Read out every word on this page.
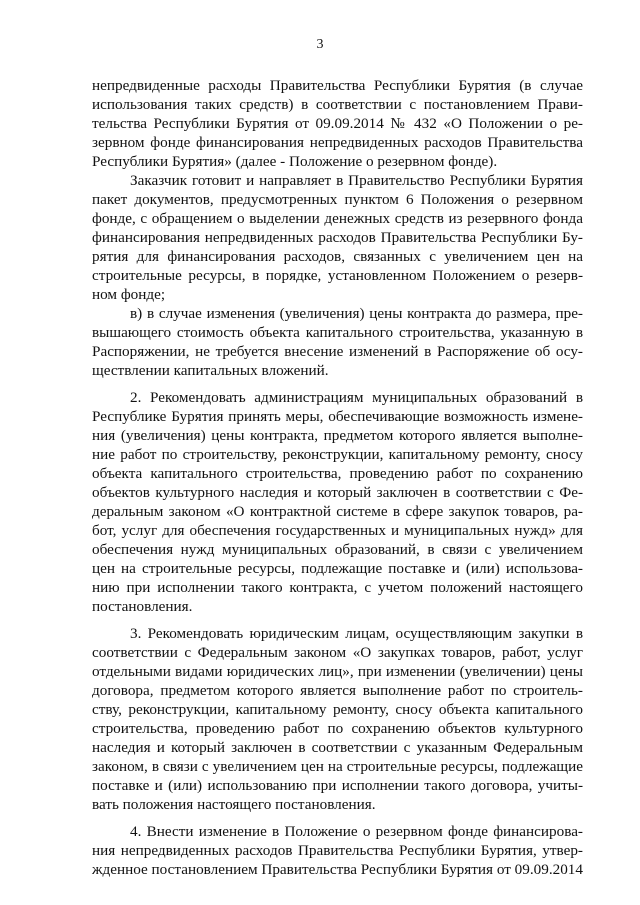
3
непредвиденные расходы Правительства Республики Бурятия (в случае
использования таких средств) в соответствии с постановлением Прави-
тельства Республики Бурятия от 09.09.2014 № 432 «О Положении о ре-
зервном фонде финансирования непредвиденных расходов Правительства
Республики Бурятия» (далее - Положение о резервном фонде).
Заказчик готовит и направляет в Правительство Республики Бурятия
пакет документов, предусмотренных пунктом 6 Положения о резервном
фонде, с обращением о выделении денежных средств из резервного фонда
финансирования непредвиденных расходов Правительства Республики Бу-
рятия для финансирования расходов, связанных с увеличением цен на
строительные ресурсы, в порядке, установленном Положением о резерв-
ном фонде;
в) в случае изменения (увеличения) цены контракта до размера, пре-
вышающего стоимость объекта капитального строительства, указанную в
Распоряжении, не требуется внесение изменений в Распоряжение об осу-
ществлении капитальных вложений.
2. Рекомендовать администрациям муниципальных образований в
Республике Бурятия принять меры, обеспечивающие возможность измене-
ния (увеличения) цены контракта, предметом которого является выполне-
ние работ по строительству, реконструкции, капитальному ремонту, сносу
объекта капитального строительства, проведению работ по сохранению
объектов культурного наследия и который заключен в соответствии с Фе-
деральным законом «О контрактной системе в сфере закупок товаров, ра-
бот, услуг для обеспечения государственных и муниципальных нужд» для
обеспечения нужд муниципальных образований, в связи с увеличением
цен на строительные ресурсы, подлежащие поставке и (или) использова-
нию при исполнении такого контракта, с учетом положений настоящего
постановления.
3. Рекомендовать юридическим лицам, осуществляющим закупки в
соответствии с Федеральным законом «О закупках товаров, работ, услуг
отдельными видами юридических лиц», при изменении (увеличении) цены
договора, предметом которого является выполнение работ по строитель-
ству, реконструкции, капитальному ремонту, сносу объекта капитального
строительства, проведению работ по сохранению объектов культурного
наследия и который заключен в соответствии с указанным Федеральным
законом, в связи с увеличением цен на строительные ресурсы, подлежащие
поставке и (или) использованию при исполнении такого договора, учиты-
вать положения настоящего постановления.
4. Внести изменение в Положение о резервном фонде финансирова-
ния непредвиденных расходов Правительства Республики Бурятия, утвер-
жденное постановлением Правительства Республики Бурятия от 09.09.2014
